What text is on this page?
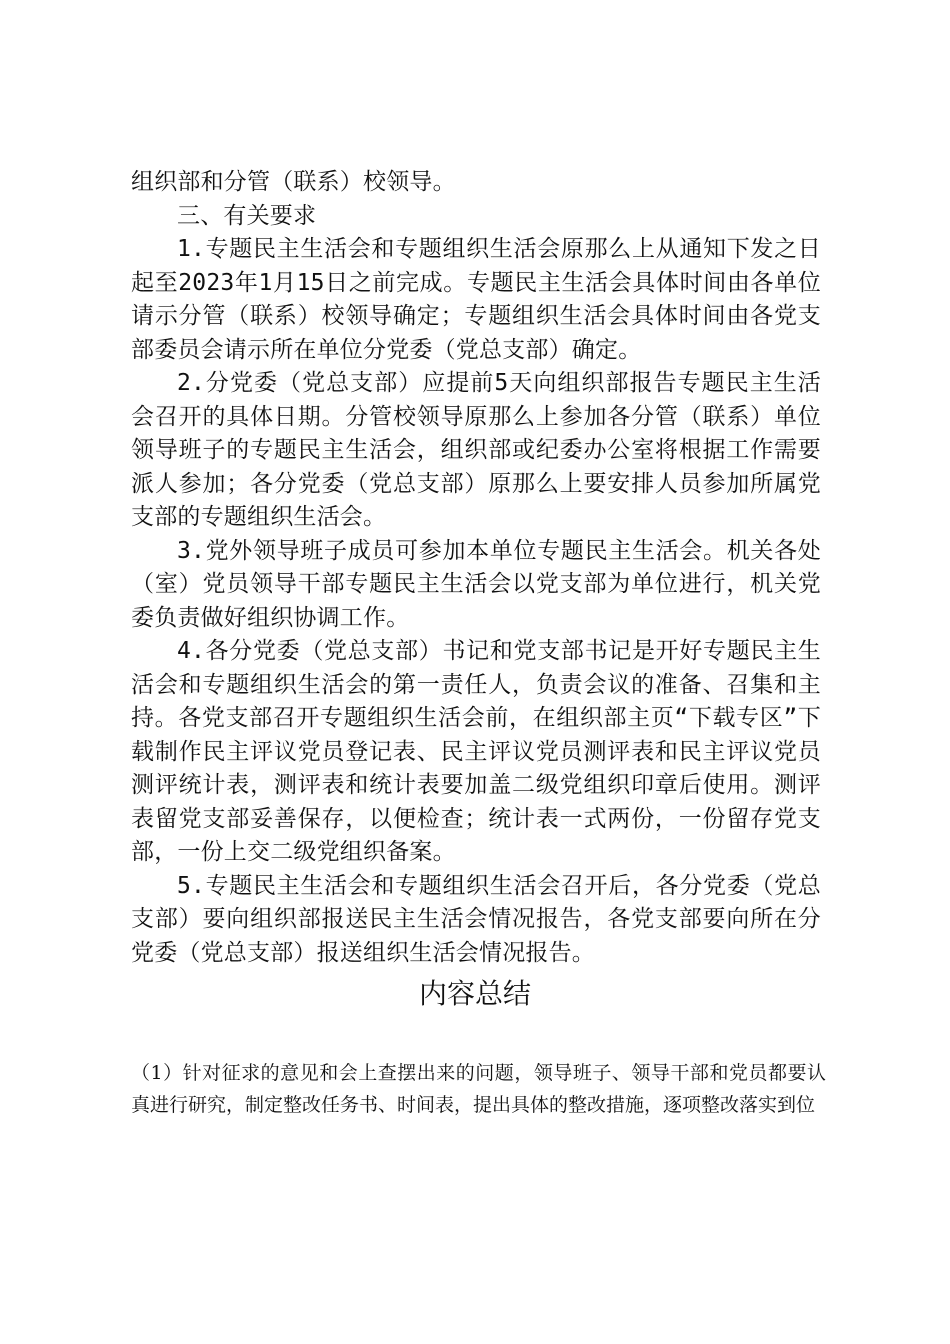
组织部和分管（联系）校领导。

三、有关要求

1.专题民主生活会和专题组织生活会原那么上从通知下发之日起至2023年1月15日之前完成。专题民主生活会具体时间由各单位请示分管（联系）校领导确定；专题组织生活会具体时间由各党支部委员会请示所在单位分党委（党总支部）确定。

2.分党委（党总支部）应提前5天向组织部报告专题民主生活会召开的具体日期。分管校领导原那么上参加各分管（联系）单位领导班子的专题民主生活会，组织部或纪委办公室将根据工作需要派人参加；各分党委（党总支部）原那么上要安排人员参加所属党支部的专题组织生活会。

3.党外领导班子成员可参加本单位专题民主生活会。机关各处（室）党员领导干部专题民主生活会以党支部为单位进行，机关党委负责做好组织协调工作。

4.各分党委（党总支部）书记和党支部书记是开好专题民主生活会和专题组织生活会的第一责任人，负责会议的准备、召集和主持。各党支部召开专题组织生活会前，在组织部主页“下载专区”下载制作民主评议党员登记表、民主评议党员测评表和民主评议党员测评统计表，测评表和统计表要加盖二级党组织印章后使用。测评表留党支部妥善保存，以便检查；统计表一式两份，一份留存党支部，一份上交二级党组织备案。

5.专题民主生活会和专题组织生活会召开后，各分党委（党总支部）要向组织部报送民主生活会情况报告，各党支部要向所在分党委（党总支部）报送组织生活会情况报告。

内容总结

（1）针对征求的意见和会上查摆出来的问题，领导班子、领导干部和党员都要认真进行研究，制定整改任务书、时间表，提出具体的整改措施，逐项整改落实到位
